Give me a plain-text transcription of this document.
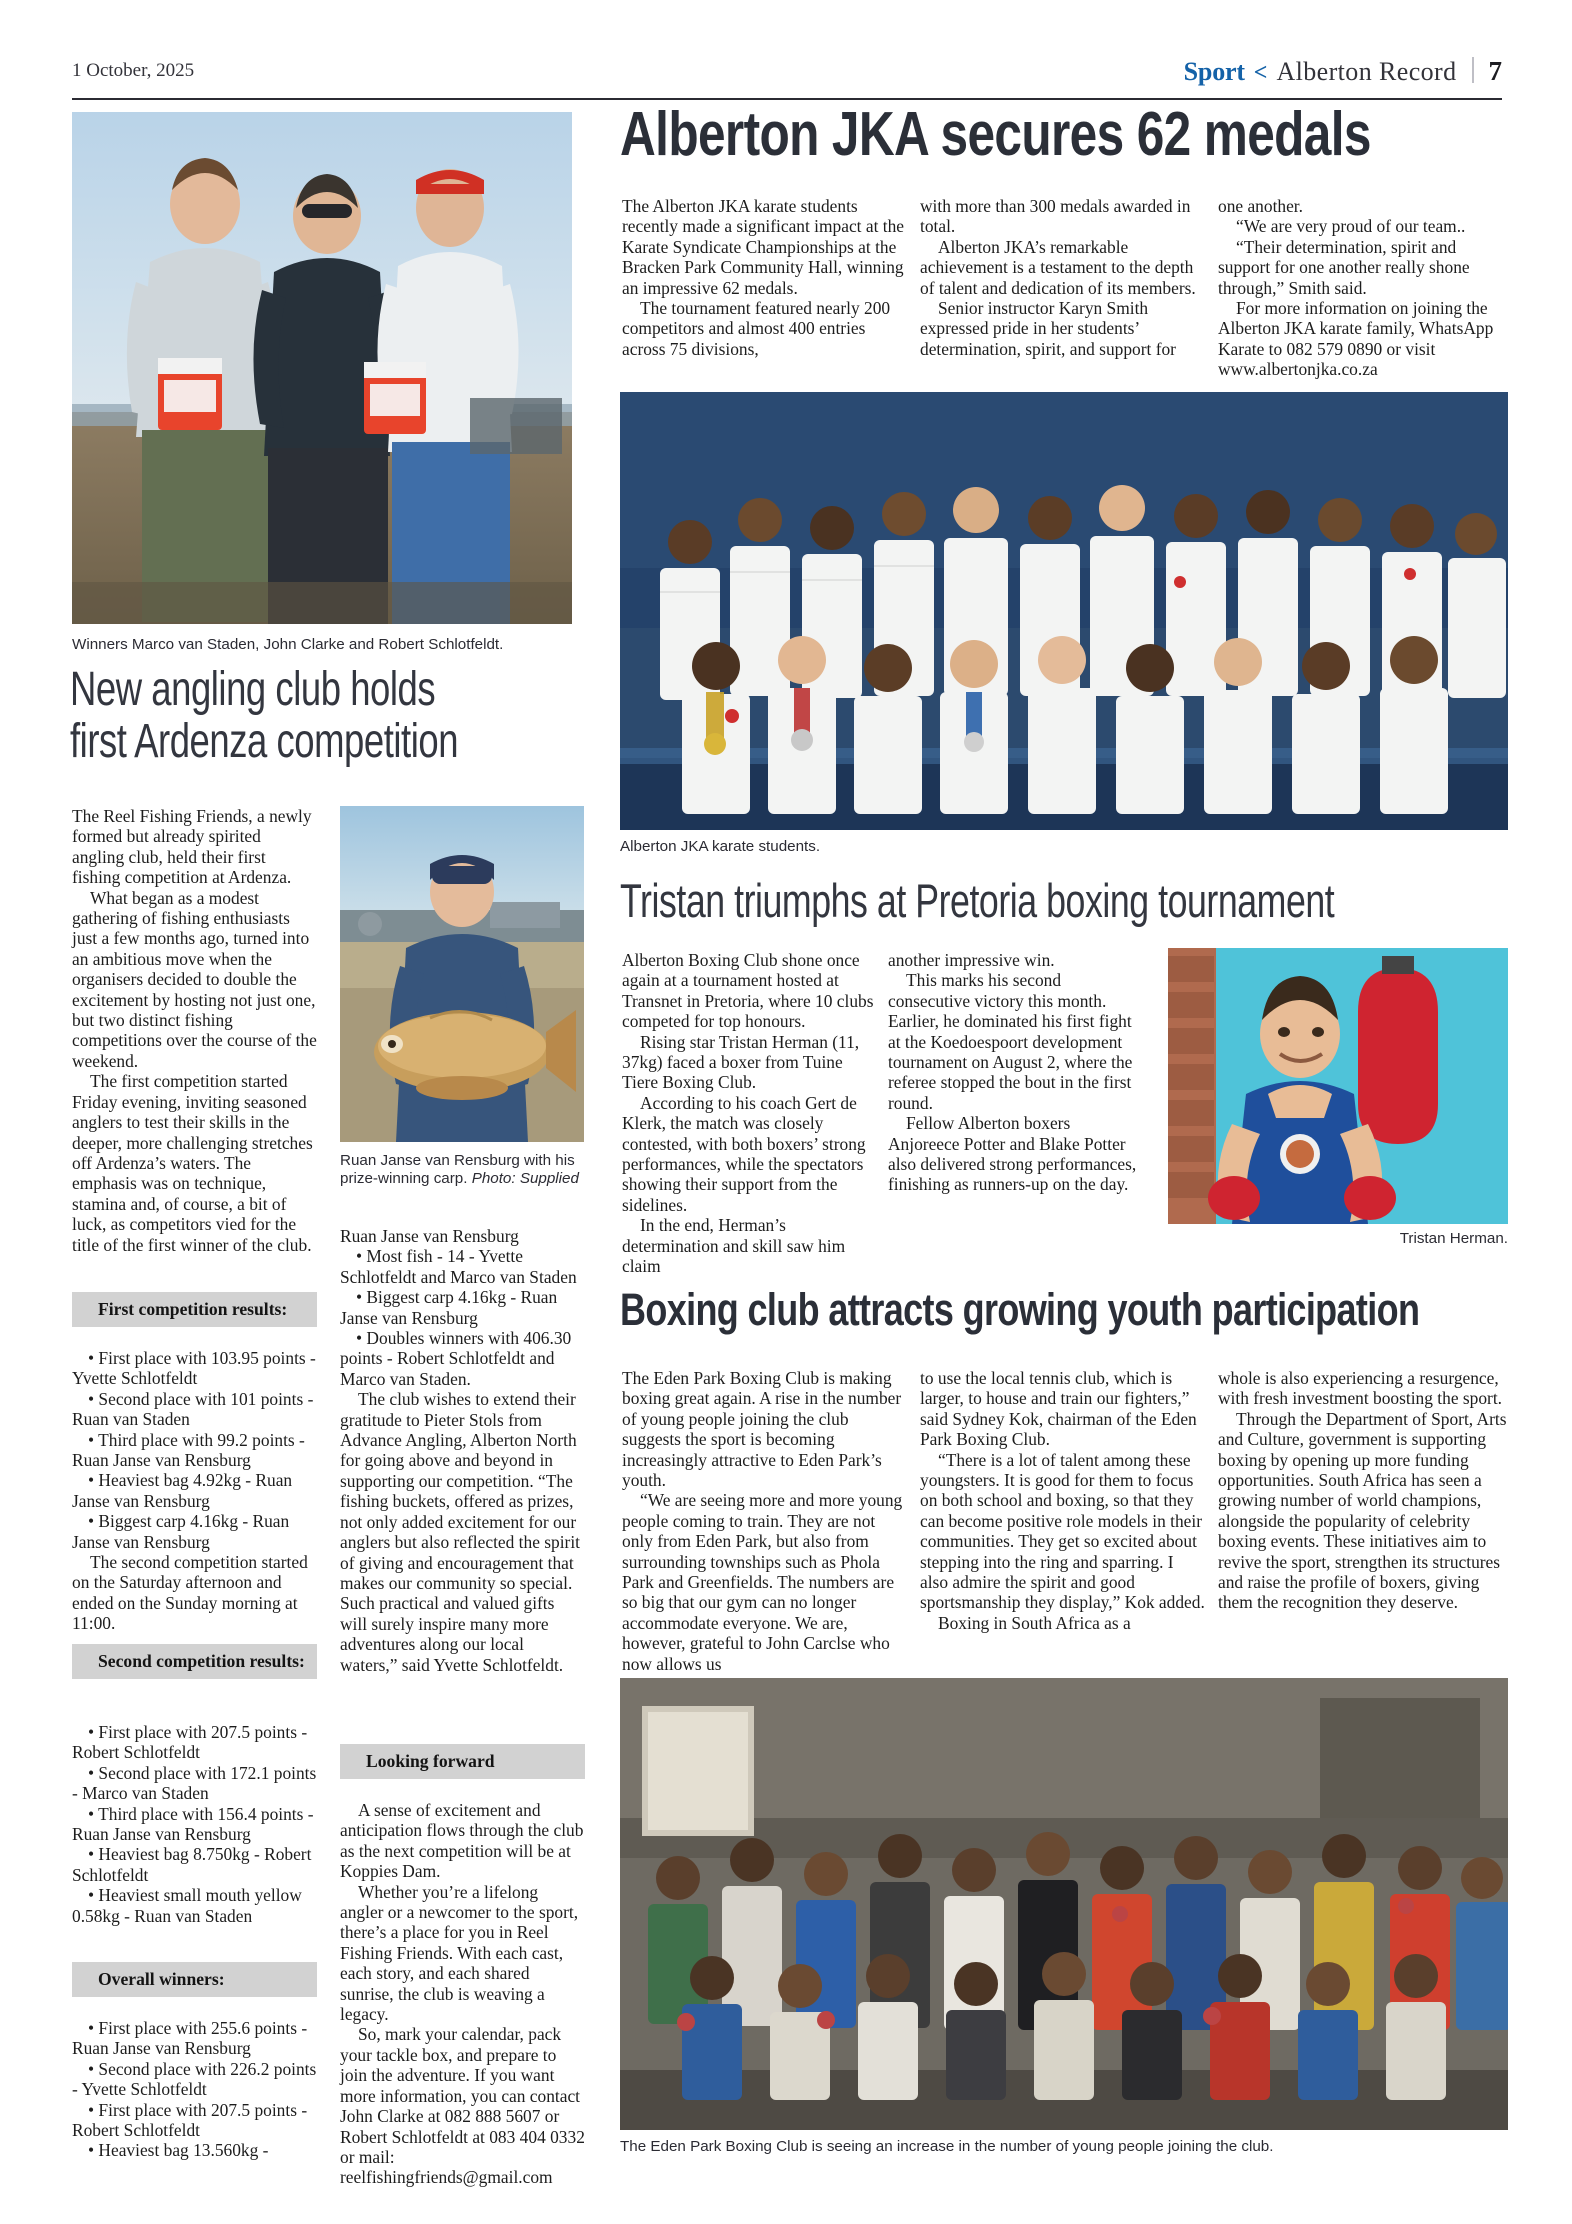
1 October, 2025	Sport < Alberton Record 7
Winners Marco van Staden, John Clarke and Robert Schlotfeldt.
New angling club holds
first Ardenza competition

The Reel Fishing Friends, a newly formed but already spirited angling club, held their first fishing competition at Ardenza.

What began as a modest gathering of fishing enthusiasts just a few months ago, turned into an ambitious move when the organisers decided to double the excitement by hosting not just one, but two distinct fishing competitions over the course of the weekend.

The first competition started Friday evening, inviting seasoned anglers to test their skills in the deeper, more challenging stretches off Ardenza’s waters. The emphasis was on technique, stamina and, of course, a bit of luck, as competitors vied for the title of the first winner of the club.

First competition results:

• First place with 103.95 points - Yvette Schlotfeldt

• Second place with 101 points - Ruan van Staden

• Third place with 99.2 points - Ruan Janse van Rensburg

• Heaviest bag 4.92kg - Ruan Janse van Rensburg

• Biggest carp 4.16kg - Ruan Janse van Rensburg

The second competition started on the Saturday afternoon and ended on the Sunday morning at 11:00.

Second competition results:

• First place with 207.5 points - Robert Schlotfeldt

• Second place with 172.1 points - Marco van Staden

• Third place with 156.4 points - Ruan Janse van Rensburg

• Heaviest bag 8.750kg - Robert Schlotfeldt

• Heaviest small mouth yellow 0.58kg - Ruan van Staden

Overall winners:

• First place with 255.6 points - Ruan Janse van Rensburg

• Second place with 226.2 points - Yvette Schlotfeldt

• First place with 207.5 points - Robert Schlotfeldt

• Heaviest bag 13.560kg -

Ruan Janse van Rensburg with his prize-winning carp. Photo: Supplied

Ruan Janse van Rensburg

• Most fish - 14 - Yvette Schlotfeldt and Marco van Staden

• Biggest carp 4.16kg - Ruan Janse van Rensburg

• Doubles winners with 406.30 points - Robert Schlotfeldt and Marco van Staden.

The club wishes to extend their gratitude to Pieter Stols from Advance Angling, Alberton North for going above and beyond in supporting our competition. “The fishing buckets, offered as prizes, not only added excitement for our anglers but also reflected the spirit of giving and encouragement that makes our community so special. Such practical and valued gifts will surely inspire many more adventures along our local waters,” said Yvette Schlotfeldt.

Looking forward

A sense of excitement and anticipation flows through the club as the next competition will be at Koppies Dam.

Whether you’re a lifelong angler or a newcomer to the sport, there’s a place for you in Reel Fishing Friends. With each cast, each story, and each shared sunrise, the club is weaving a legacy.

So, mark your calendar, pack your tackle box, and prepare to join the adventure. If you want more information, you can contact John Clarke at 082 888 5607 or Robert Schlotfeldt at 083 404 0332 or mail: reelfishingfriends@gmail.com

Alberton JKA secures 62 medals

The Alberton JKA karate students recently made a significant impact at the Karate Syndicate Championships at the Bracken Park Community Hall, winning an impressive 62 medals.

The tournament featured nearly 200 competitors and almost 400 entries across 75 divisions,

with more than 300 medals awarded in total.

Alberton JKA’s remarkable achievement is a testament to the depth of talent and dedication of its members.

Senior instructor Karyn Smith expressed pride in her students’ determination, spirit, and support for

one another.

“We are very proud of our team..

“Their determination, spirit and support for one another really shone through,” Smith said.

For more information on joining the Alberton JKA karate family, WhatsApp Karate to 082 579 0890 or visit www.albertonjka.co.za

Alberton JKA karate students.
Tristan triumphs at Pretoria boxing tournament

Alberton Boxing Club shone once again at a tournament hosted at Transnet in Pretoria, where 10 clubs competed for top honours.

Rising star Tristan Herman (11, 37kg) faced a boxer from Tuine Tiere Boxing Club.

According to his coach Gert de Klerk, the match was closely contested, with both boxers’ strong performances, while the spectators showing their support from the sidelines.

In the end, Herman’s determination and skill saw him claim

another impressive win.

This marks his second consecutive victory this month. Earlier, he dominated his first fight at the Koedoespoort development tournament on August 2, where the referee stopped the bout in the first round.

Fellow Alberton boxers Anjoreece Potter and Blake Potter also delivered strong performances, finishing as runners-up on the day.

Tristan Herman.
Boxing club attracts growing youth participation

The Eden Park Boxing Club is making boxing great again. A rise in the number of young people joining the club suggests the sport is becoming increasingly attractive to Eden Park’s youth.

“We are seeing more and more young people coming to train. They are not only from Eden Park, but also from surrounding townships such as Phola Park and Greenfields. The numbers are so big that our gym can no longer accommodate everyone. We are, however, grateful to John Carclse who now allows us

to use the local tennis club, which is larger, to house and train our fighters,” said Sydney Kok, chairman of the Eden Park Boxing Club.

“There is a lot of talent among these youngsters. It is good for them to focus on both school and boxing, so that they can become positive role models in their communities. They get so excited about stepping into the ring and sparring. I also admire the spirit and good sportsmanship they display,” Kok added.

Boxing in South Africa as a

whole is also experiencing a resurgence, with fresh investment boosting the sport.

Through the Department of Sport, Arts and Culture, government is supporting boxing by opening up more funding opportunities. South Africa has seen a growing number of world champions, alongside the popularity of celebrity boxing events. These initiatives aim to revive the sport, strengthen its structures and raise the profile of boxers, giving them the recognition they deserve.

The Eden Park Boxing Club is seeing an increase in the number of young people joining the club.
